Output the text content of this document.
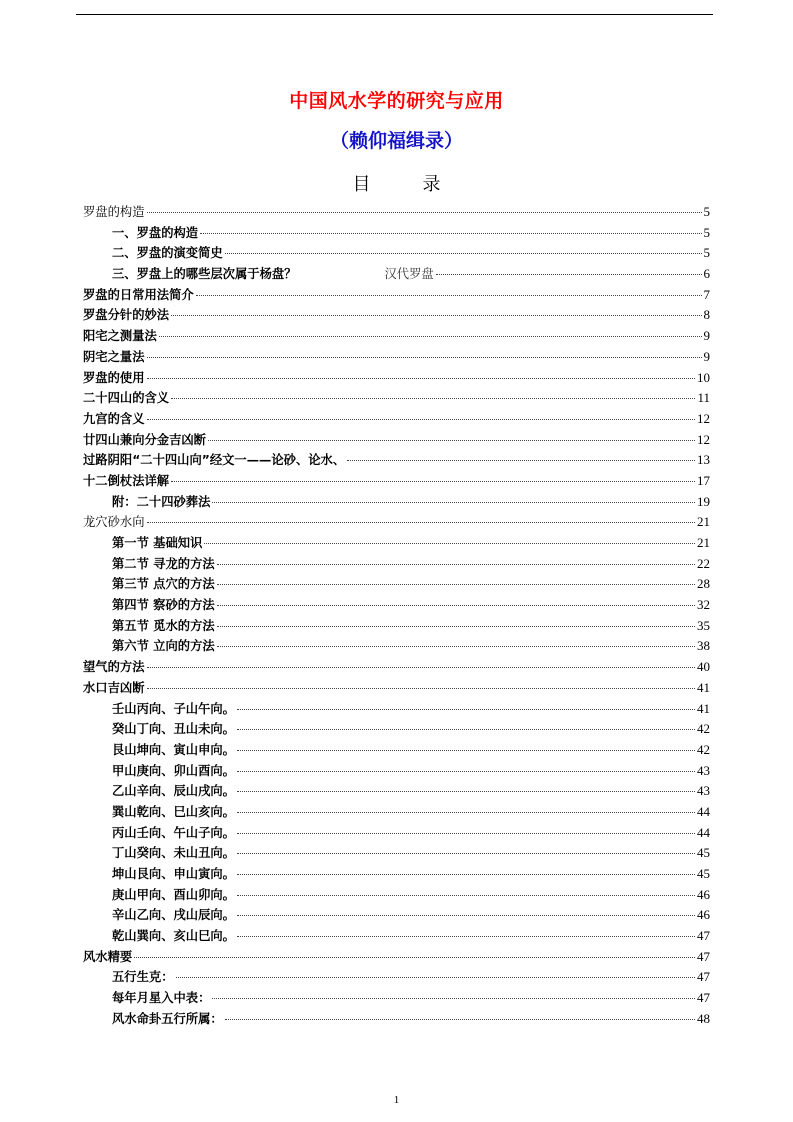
中国风水学的研究与应用
（赖仰福缉录）
目	录
罗盘的构造	5
一、罗盘的构造	5
二、罗盘的演变简史	5
三、罗盘上的哪些层次属于杨盘？	汉代罗盘	6
罗盘的日常用法简介	7
罗盘分针的妙法	8
阳宅之测量法	9
阴宅之量法	9
罗盘的使用	10
二十四山的含义	11
九宫的含义	12
廿四山兼向分金吉凶断	12
过路阴阳“二十四山向”经文一——论砂、论水、	13
十二倒杖法详解	17
附：二十四砂葬法	19
龙穴砂水向	21
第一节 基础知识	21
第二节 寻龙的方法	22
第三节 点穴的方法	28
第四节 察砂的方法	32
第五节 觅水的方法	35
第六节 立向的方法	38
望气的方法	40
水口吉凶断	41
壬山丙向、子山午向。	41
癸山丁向、丑山未向。	42
艮山坤向、寅山申向。	42
甲山庚向、卯山酉向。	43
乙山辛向、辰山戌向。	43
巽山乾向、巳山亥向。	44
丙山壬向、午山子向。	44
丁山癸向、未山丑向。	45
坤山艮向、申山寅向。	45
庚山甲向、酉山卯向。	46
辛山乙向、戌山辰向。	46
乾山巽向、亥山巳向。	47
风水精要	47
五行生克：	47
每年月星入中表：	47
风水命卦五行所属：	48
1
